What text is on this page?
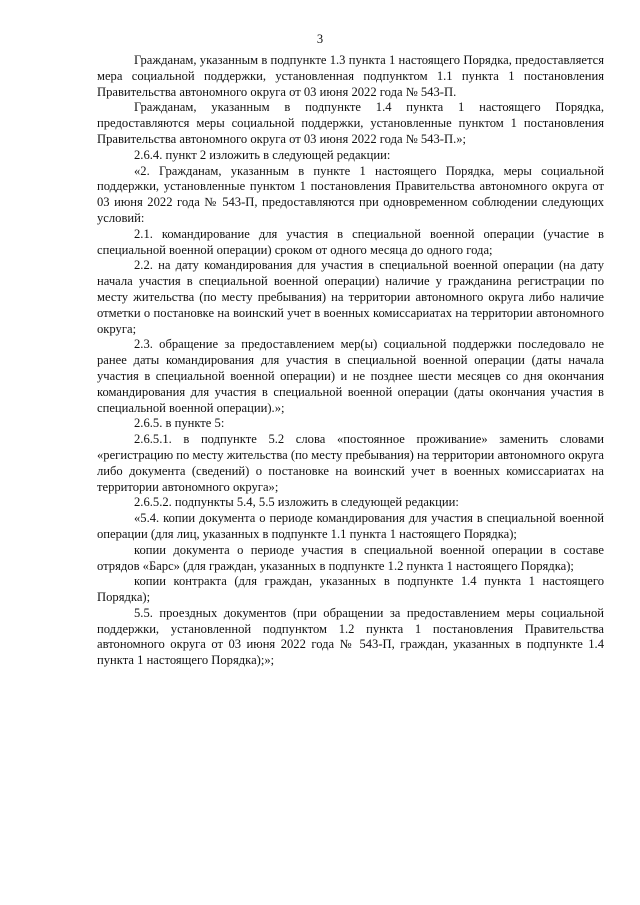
3

Гражданам, указанным в подпункте 1.3 пункта 1 настоящего Порядка, предоставляется мера социальной поддержки, установленная подпунктом 1.1 пункта 1 постановления Правительства автономного округа от 03 июня 2022 года № 543-П.

Гражданам, указанным в подпункте 1.4 пункта 1 настоящего Порядка, предоставляются меры социальной поддержки, установленные пунктом 1 постановления Правительства автономного округа от 03 июня 2022 года № 543-П.»;

2.6.4. пункт 2 изложить в следующей редакции:

«2. Гражданам, указанным в пункте 1 настоящего Порядка, меры социальной поддержки, установленные пунктом 1 постановления Правительства автономного округа от 03 июня 2022 года № 543-П, предоставляются при одновременном соблюдении следующих условий:

2.1. командирование для участия в специальной военной операции (участие в специальной военной операции) сроком от одного месяца до одного года;

2.2. на дату командирования для участия в специальной военной операции (на дату начала участия в специальной военной операции) наличие у гражданина регистрации по месту жительства (по месту пребывания) на территории автономного округа либо наличие отметки о постановке на воинский учет в военных комиссариатах на территории автономного округа;

2.3. обращение за предоставлением мер(ы) социальной поддержки последовало не ранее даты командирования для участия в специальной военной операции (даты начала участия в специальной военной операции) и не позднее шести месяцев со дня окончания командирования для участия в специальной военной операции (даты окончания участия в специальной военной операции).»;

2.6.5. в пункте 5:

2.6.5.1. в подпункте 5.2 слова «постоянное проживание» заменить словами «регистрацию по месту жительства (по месту пребывания) на территории автономного округа либо документа (сведений) о постановке на воинский учет в военных комиссариатах на территории автономного округа»;

2.6.5.2. подпункты 5.4, 5.5 изложить в следующей редакции:

«5.4. копии документа о периоде командирования для участия в специальной военной операции (для лиц, указанных в подпункте 1.1 пункта 1 настоящего Порядка);

копии документа о периоде участия в специальной военной операции в составе отрядов «Барс» (для граждан, указанных в подпункте 1.2 пункта 1 настоящего Порядка);

копии контракта (для граждан, указанных в подпункте 1.4 пункта 1 настоящего Порядка);

5.5. проездных документов (при обращении за предоставлением меры социальной поддержки, установленной подпунктом 1.2 пункта 1 постановления Правительства автономного округа от 03 июня 2022 года № 543-П, граждан, указанных в подпункте 1.4 пункта 1 настоящего Порядка);»;
